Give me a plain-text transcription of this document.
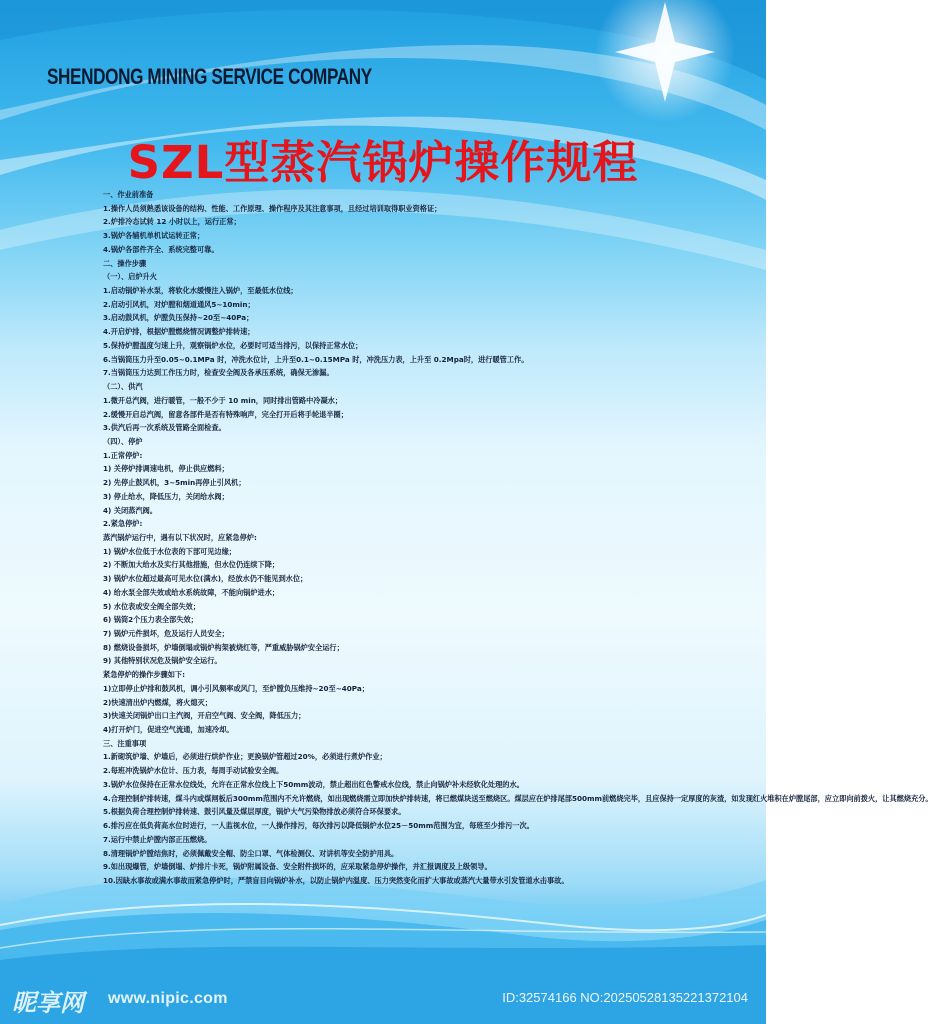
SHENDONG MINING SERVICE COMPANY
SZL型蒸汽锅炉操作规程
一、作业前准备
1.操作人员须熟悉该设备的结构、性能、工作原理、操作程序及其注意事项，且经过培训取得职业资格证；
2.炉排冷态试转 12 小时以上，运行正常；
3.锅炉各辅机单机试运转正常；
4.锅炉各部件齐全、系统完整可靠。
二、操作步骤
（一）、启炉升火
1.启动锅炉补水泵，将软化水缓慢注入锅炉，至最低水位线；
2.启动引风机，对炉膛和烟道通风5~10min；
3.启动鼓风机，炉膛负压保持~20至~40Pa；
4.开启炉排，根据炉膛燃烧情况调整炉排转速；
5.保持炉膛温度匀速上升，观察锅炉水位，必要时可适当排污，以保持正常水位；
6.当锅筒压力升至0.05~0.1MPa 时，冲洗水位计，上升至0.1~0.15MPa 时，冲洗压力表，上升至 0.2Mpa时，进行暖管工作。
7.当锅筒压力达到工作压力时，检查安全阀及各承压系统，确保无渗漏。
（二）、供汽
1.微开总汽阀，进行暖管，一般不少于 10 min，同时排出管路中冷凝水；
2.缓慢开启总汽阀，留意各部件是否有特殊响声，完全打开后将手轮退半圈；
3.供汽后再一次系统及管路全面检查。
（四）、停炉
1.正常停炉:
1) 关停炉排调速电机，停止供应燃料；
2) 先停止鼓风机，3~5min再停止引风机；
3) 停止给水，降低压力，关闭给水阀；
4) 关闭蒸汽阀。
2.紧急停炉:
蒸汽锅炉运行中，遇有以下状况时，应紧急停炉:
1) 锅炉水位低于水位表的下部可见边缘；
2) 不断加大给水及实行其他措施，但水位仍连续下降；
3) 锅炉水位超过最高可见水位(满水)，经放水仍不能见到水位；
4) 给水泵全部失效或给水系统故障，不能向锅炉进水；
5) 水位表或安全阀全部失效；
6) 锅筒2个压力表全部失效；
7) 锅炉元件损坏，危及运行人员安全；
8) 燃烧设备损坏，炉墙倒塌或锅炉构架被烧红等，严重威胁锅炉安全运行；
9) 其他特别状况危及锅炉安全运行。
紧急停炉的操作步骤如下:
1)立即停止炉排和鼓风机，调小引风频率或风门，至炉膛负压维持~20至~40Pa；
2)快速清出炉内燃煤，将火熄灭；
3)快速关闭锅炉出口主汽阀，开启空气阀、安全阀，降低压力；
4)打开炉门，促进空气流通，加速冷却。
三、注重事项
1.新砌筑炉墙、炉墙后，必须进行烘炉作业；更换锅炉管超过20%，必须进行煮炉作业；
2.每班冲洗锅炉水位计、压力表，每周手动试验安全阀。
3.锅炉水位保持在正常水位线处，允许在正常水位线上下50mm波动，禁止超出红色警戒水位线，禁止向锅炉补未经软化处理的水。
4.合理控制炉排转速，煤斗内或煤闸板后300mm范围内不允许燃烧，如出现燃烧需立即加快炉排转速，将已燃煤块送至燃烧区。煤层应在炉排尾部500mm前燃烧完毕，且应保持一定厚度的灰渣，如发现红火堆积在炉膛尾部，应立即向前拨火，让其燃烧充分。
5.根据负荷合理控制炉排转速、鼓引风量及煤层厚度，锅炉大气污染物排放必须符合环保要求。
6.排污应在低负荷高水位时进行，一人监视水位，一人操作排污，每次排污以降低锅炉水位25－50mm范围为宜，每班至少排污一次。
7.运行中禁止炉膛内部正压燃烧。
8.清理锅炉炉膛结焦时，必须佩戴安全帽、防尘口罩、气体检测仪、对讲机等安全防护用具。
9.如出现爆管，炉墙倒塌、炉排片卡死，锅炉附属设备、安全附件损坏的，应采取紧急停炉操作，并汇报调度及上级领导。
10.因缺水事故或满水事故而紧急停炉时，严禁盲目向锅炉补水，以防止锅炉内温度、压力突然变化而扩大事故或蒸汽大量带水引发管道水击事故。
昵享网 www.nipic.com	ID:32574166 NO:20250528135221372104
